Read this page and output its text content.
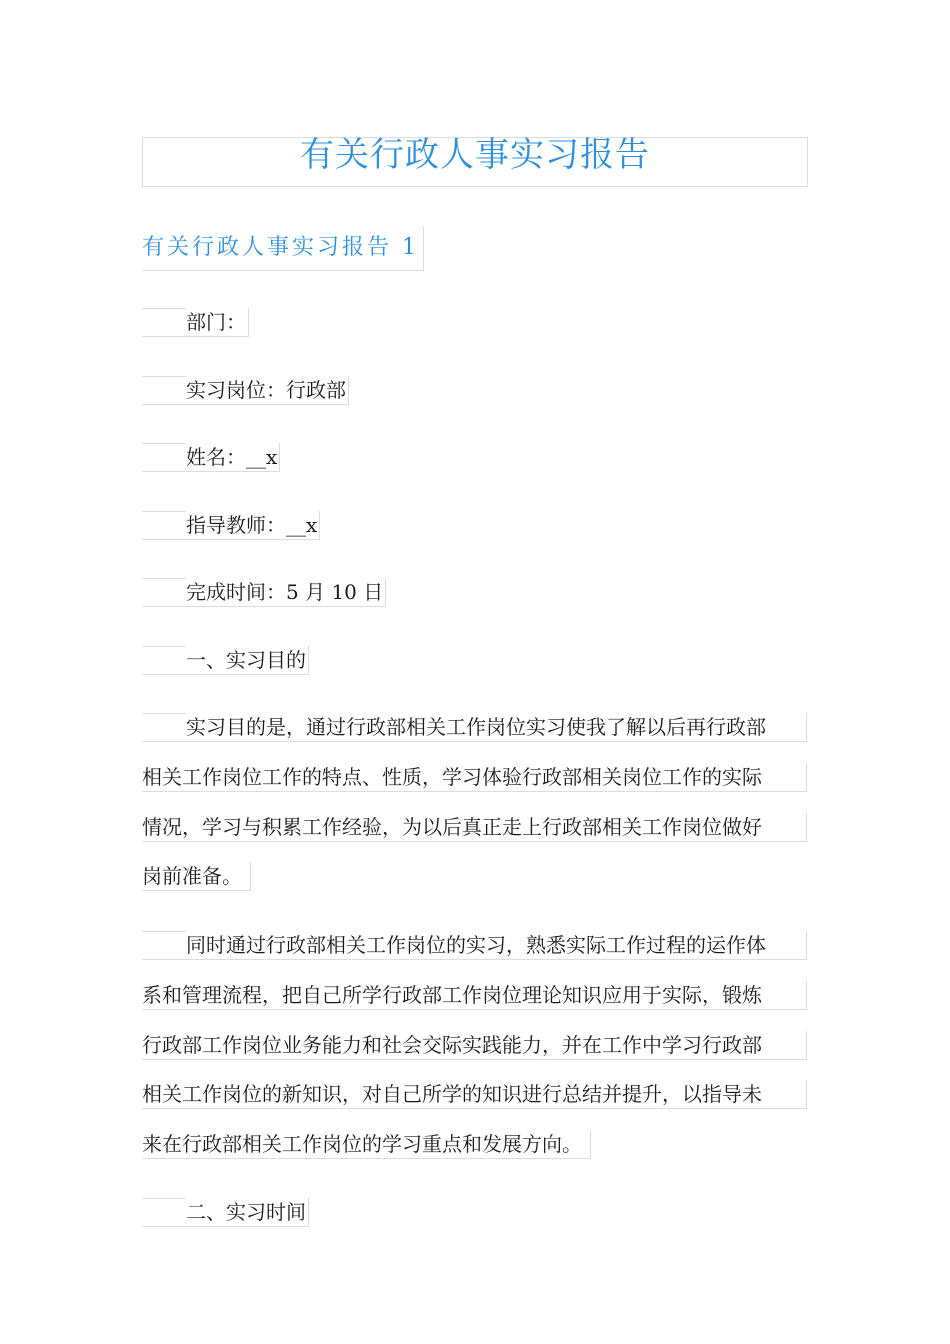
有关行政人事实习报告
有关行政人事实习报告 1
部门：
实习岗位：行政部
姓名：__x
指导教师：__x
完成时间：5 月 10 日
一、实习目的
实习目的是，通过行政部相关工作岗位实习使我了解以后再行政部
相关工作岗位工作的特点、性质，学习体验行政部相关岗位工作的实际
情况，学习与积累工作经验，为以后真正走上行政部相关工作岗位做好
岗前准备。
同时通过行政部相关工作岗位的实习，熟悉实际工作过程的运作体
系和管理流程，把自己所学行政部工作岗位理论知识应用于实际，锻炼
行政部工作岗位业务能力和社会交际实践能力，并在工作中学习行政部
相关工作岗位的新知识，对自己所学的知识进行总结并提升，以指导未
来在行政部相关工作岗位的学习重点和发展方向。
二、实习时间
